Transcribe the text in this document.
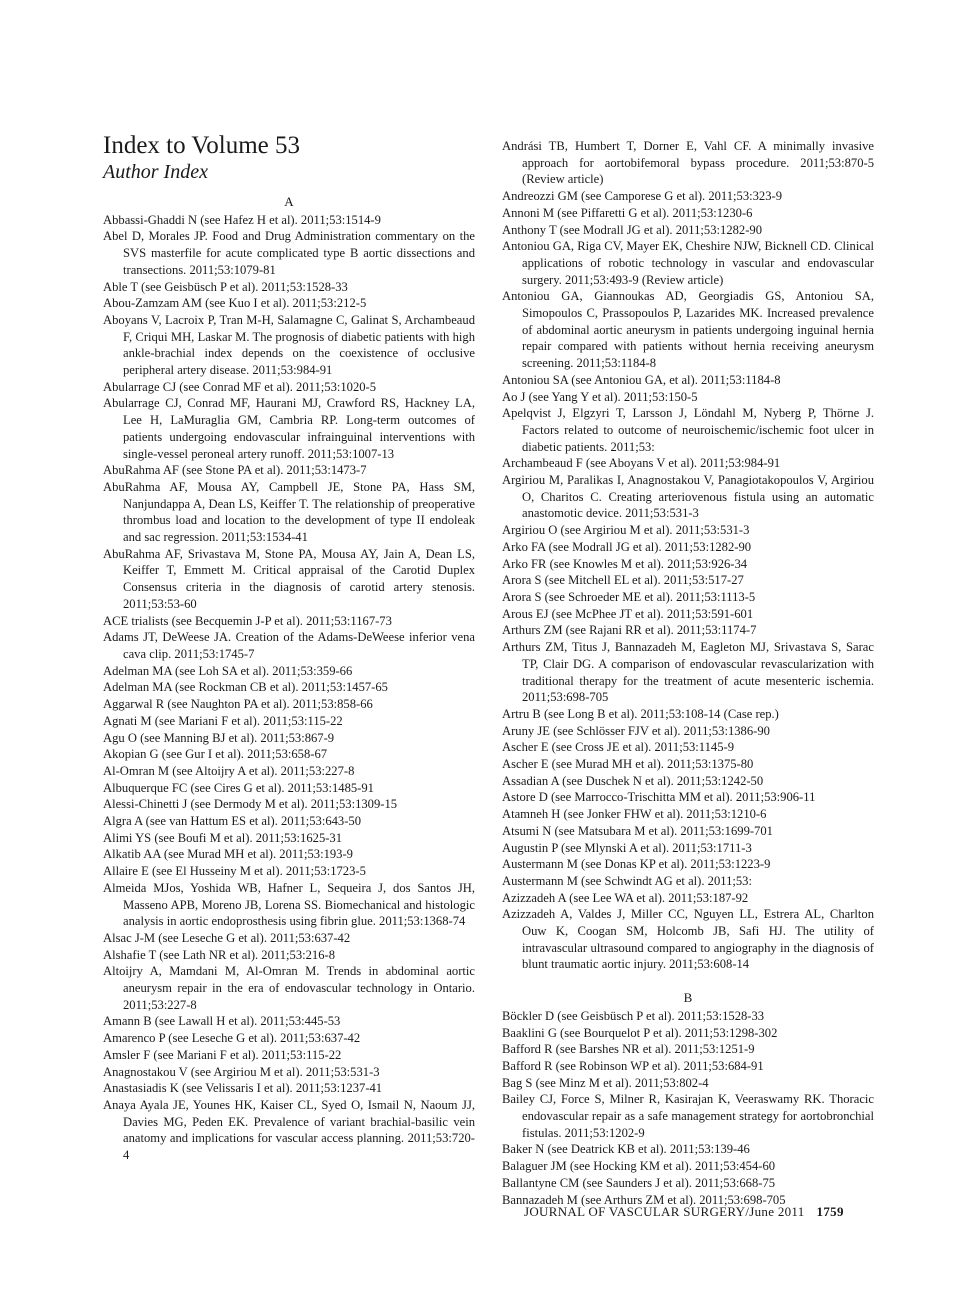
Index to Volume 53
Author Index
A

Abbassi-Ghaddi N (see Hafez H et al). 2011;53:1514-9

Abel D, Morales JP. Food and Drug Administration commentary on the SVS masterfile for acute complicated type B aortic dissections and transections. 2011;53:1079-81

Able T (see Geisbüsch P et al). 2011;53:1528-33

Abou-Zamzam AM (see Kuo I et al). 2011;53:212-5

Aboyans V, Lacroix P, Tran M-H, Salamagne C, Galinat S, Archambeaud F, Criqui MH, Laskar M. The prognosis of diabetic patients with high ankle-brachial index depends on the coexistence of occlusive peripheral artery disease. 2011;53:984-91

Abularrage CJ (see Conrad MF et al). 2011;53:1020-5

Abularrage CJ, Conrad MF, Haurani MJ, Crawford RS, Hackney LA, Lee H, LaMuraglia GM, Cambria RP. Long-term outcomes of patients undergoing endovascular infrainguinal interventions with single-vessel peroneal artery runoff. 2011;53:1007-13

AbuRahma AF (see Stone PA et al). 2011;53:1473-7

AbuRahma AF, Mousa AY, Campbell JE, Stone PA, Hass SM, Nanjundappa A, Dean LS, Keiffer T. The relationship of preoperative thrombus load and location to the development of type II endoleak and sac regression. 2011;53:1534-41

AbuRahma AF, Srivastava M, Stone PA, Mousa AY, Jain A, Dean LS, Keiffer T, Emmett M. Critical appraisal of the Carotid Duplex Consensus criteria in the diagnosis of carotid artery stenosis. 2011;53:53-60

ACE trialists (see Becquemin J-P et al). 2011;53:1167-73

Adams JT, DeWeese JA. Creation of the Adams-DeWeese inferior vena cava clip. 2011;53:1745-7

Adelman MA (see Loh SA et al). 2011;53:359-66

Adelman MA (see Rockman CB et al). 2011;53:1457-65

Aggarwal R (see Naughton PA et al). 2011;53:858-66

Agnati M (see Mariani F et al). 2011;53:115-22

Agu O (see Manning BJ et al). 2011;53:867-9

Akopian G (see Gur I et al). 2011;53:658-67

Al-Omran M (see Altoijry A et al). 2011;53:227-8

Albuquerque FC (see Cires G et al). 2011;53:1485-91

Alessi-Chinetti J (see Dermody M et al). 2011;53:1309-15

Algra A (see van Hattum ES et al). 2011;53:643-50

Alimi YS (see Boufi M et al). 2011;53:1625-31

Alkatib AA (see Murad MH et al). 2011;53:193-9

Allaire E (see El Husseiny M et al). 2011;53:1723-5

Almeida MJos, Yoshida WB, Hafner L, Sequeira J, dos Santos JH, Masseno APB, Moreno JB, Lorena SS. Biomechanical and histologic analysis in aortic endoprosthesis using fibrin glue. 2011;53:1368-74

Alsac J-M (see Leseche G et al). 2011;53:637-42

Alshafie T (see Lath NR et al). 2011;53:216-8

Altoijry A, Mamdani M, Al-Omran M. Trends in abdominal aortic aneurysm repair in the era of endovascular technology in Ontario. 2011;53:227-8

Amann B (see Lawall H et al). 2011;53:445-53

Amarenco P (see Leseche G et al). 2011;53:637-42

Amsler F (see Mariani F et al). 2011;53:115-22

Anagnostakou V (see Argiriou M et al). 2011;53:531-3

Anastasiadis K (see Velissaris I et al). 2011;53:1237-41

Anaya Ayala JE, Younes HK, Kaiser CL, Syed O, Ismail N, Naoum JJ, Davies MG, Peden EK. Prevalence of variant brachial-basilic vein anatomy and implications for vascular access planning. 2011;53:720-4

Andrási TB, Humbert T, Dorner E, Vahl CF. A minimally invasive approach for aortobifemoral bypass procedure. 2011;53:870-5 (Review article)

Andreozzi GM (see Camporese G et al). 2011;53:323-9

Annoni M (see Piffaretti G et al). 2011;53:1230-6

Anthony T (see Modrall JG et al). 2011;53:1282-90

Antoniou GA, Riga CV, Mayer EK, Cheshire NJW, Bicknell CD. Clinical applications of robotic technology in vascular and endovascular surgery. 2011;53:493-9 (Review article)

Antoniou GA, Giannoukas AD, Georgiadis GS, Antoniou SA, Simopoulos C, Prassopoulos P, Lazarides MK. Increased prevalence of abdominal aortic aneurysm in patients undergoing inguinal hernia repair compared with patients without hernia receiving aneurysm screening. 2011;53:1184-8

Antoniou SA (see Antoniou GA, et al). 2011;53:1184-8

Ao J (see Yang Y et al). 2011;53:150-5

Apelqvist J, Elgzyri T, Larsson J, Löndahl M, Nyberg P, Thörne J. Factors related to outcome of neuroischemic/ischemic foot ulcer in diabetic patients. 2011;53:

Archambeaud F (see Aboyans V et al). 2011;53:984-91

Argiriou M, Paralikas I, Anagnostakou V, Panagiotakopoulos V, Argiriou O, Charitos C. Creating arteriovenous fistula using an automatic anastomotic device. 2011;53:531-3

Argiriou O (see Argiriou M et al). 2011;53:531-3

Arko FA (see Modrall JG et al). 2011;53:1282-90

Arko FR (see Knowles M et al). 2011;53:926-34

Arora S (see Mitchell EL et al). 2011;53:517-27

Arora S (see Schroeder ME et al). 2011;53:1113-5

Arous EJ (see McPhee JT et al). 2011;53:591-601

Arthurs ZM (see Rajani RR et al). 2011;53:1174-7

Arthurs ZM, Titus J, Bannazadeh M, Eagleton MJ, Srivastava S, Sarac TP, Clair DG. A comparison of endovascular revascularization with traditional therapy for the treatment of acute mesenteric ischemia. 2011;53:698-705

Artru B (see Long B et al). 2011;53:108-14 (Case rep.)

Aruny JE (see Schlösser FJV et al). 2011;53:1386-90

Ascher E (see Cross JE et al). 2011;53:1145-9

Ascher E (see Murad MH et al). 2011;53:1375-80

Assadian A (see Duschek N et al). 2011;53:1242-50

Astore D (see Marrocco-Trischitta MM et al). 2011;53:906-11

Atamneh H (see Jonker FHW et al). 2011;53:1210-6

Atsumi N (see Matsubara M et al). 2011;53:1699-701

Augustin P (see Mlynski A et al). 2011;53:1711-3

Austermann M (see Donas KP et al). 2011;53:1223-9

Austermann M (see Schwindt AG et al). 2011;53:

Azizzadeh A (see Lee WA et al). 2011;53:187-92

Azizzadeh A, Valdes J, Miller CC, Nguyen LL, Estrera AL, Charlton Ouw K, Coogan SM, Holcomb JB, Safi HJ. The utility of intravascular ultrasound compared to angiography in the diagnosis of blunt traumatic aortic injury. 2011;53:608-14

B

Böckler D (see Geisbüsch P et al). 2011;53:1528-33

Baaklini G (see Bourquelot P et al). 2011;53:1298-302

Bafford R (see Barshes NR et al). 2011;53:1251-9

Bafford R (see Robinson WP et al). 2011;53:684-91

Bag S (see Minz M et al). 2011;53:802-4

Bailey CJ, Force S, Milner R, Kasirajan K, Veeraswamy RK. Thoracic endovascular repair as a safe management strategy for aortobronchial fistulas. 2011;53:1202-9

Baker N (see Deatrick KB et al). 2011;53:139-46

Balaguer JM (see Hocking KM et al). 2011;53:454-60

Ballantyne CM (see Saunders J et al). 2011;53:668-75

Bannazadeh M (see Arthurs ZM et al). 2011;53:698-705

JOURNAL OF VASCULAR SURGERY/June 2011 1759
